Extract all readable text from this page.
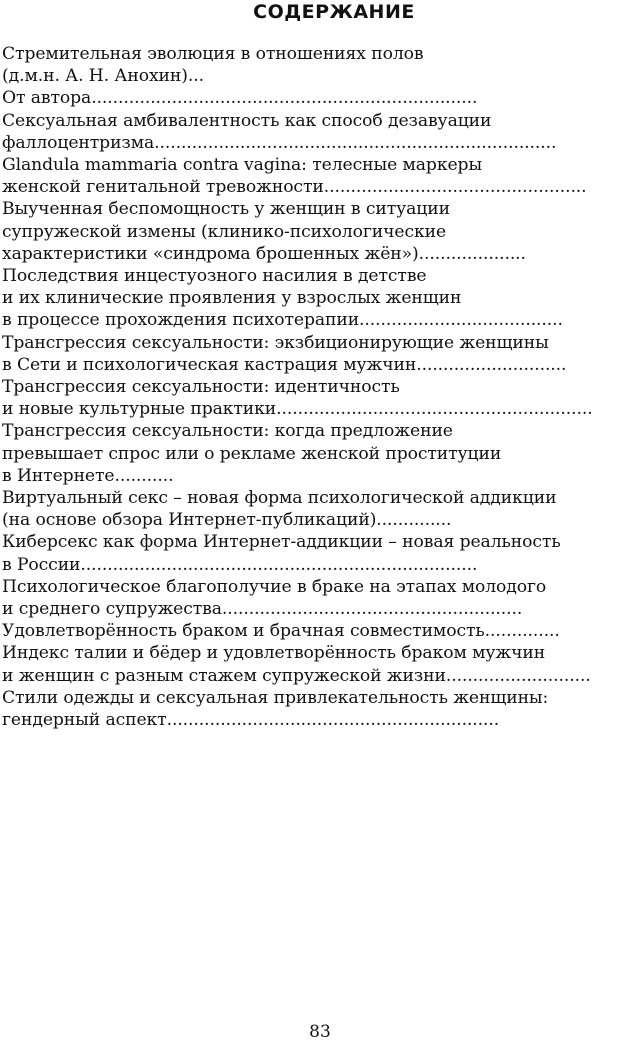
СОДЕРЖАНИЕ
Стремительная эволюция в отношениях полов
(д.м.н. А. Н. Анохин)...
От автора........................................................................
Сексуальная амбивалентность как способ дезавуации
фаллоцентризма...........................................................................
Glandula mammaria contra vagina: телесные маркеры
женской генитальной тревожности.................................................
Выученная беспомощность у женщин в ситуации
супружеской измены (клинико-психологические
характеристики «синдрома брошенных жён»)....................
Последствия инцестуозного насилия в детстве
и их клинические проявления у взрослых женщин
в процессе прохождения психотерапии......................................
Трансгрессия сексуальности: экзбиционирующие женщины
в Сети и психологическая кастрация мужчин............................
Трансгрессия сексуальности: идентичность
и новые культурные практики...........................................................
Трансгрессия сексуальности: когда предложение
превышает спрос или о рекламе женской проституции
в Интернете...........
Виртуальный секс – новая форма психологической аддикции
(на основе обзора Интернет-публикаций)..............
Киберсекс как форма Интернет-аддикции – новая реальность
в России..........................................................................
Психологическое благополучие в браке на этапах молодого
и среднего супружества........................................................
Удовлетворённость браком и брачная совместимость..............
Индекс талии и бёдер и удовлетворённость браком мужчин
и женщин с разным стажем супружеской жизни...........................
Стили одежды и сексуальная привлекательность женщины:
гендерный аспект..............................................................
83
